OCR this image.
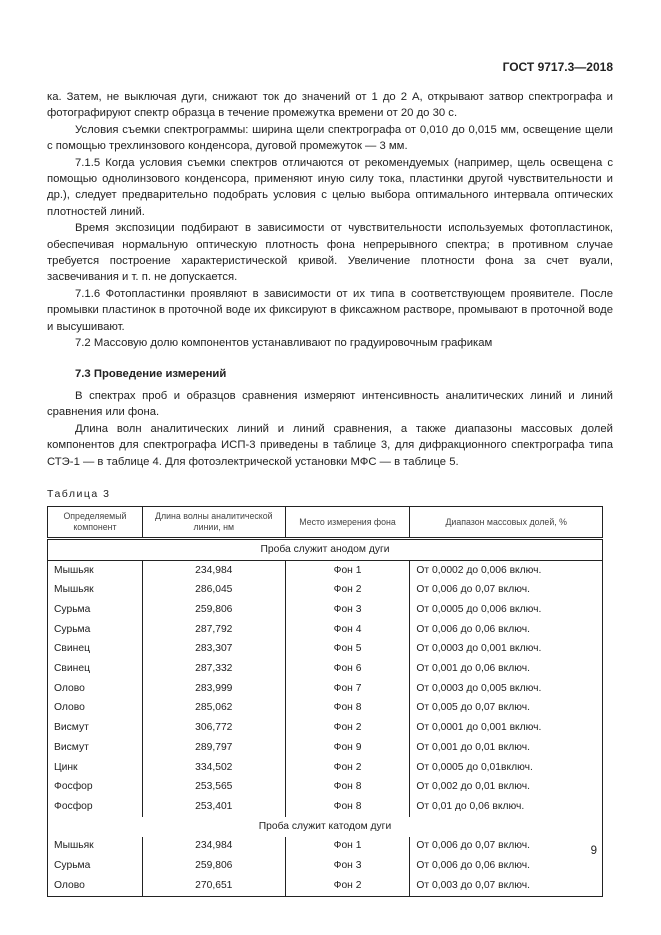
ГОСТ 9717.3—2018

ка. Затем, не выключая дуги, снижают ток до значений от 1 до 2 А, открывают затвор спектрографа и фотографируют спектр образца в течение промежутка времени от 20 до 30 с.

Условия съемки спектрограммы: ширина щели спектрографа от 0,010 до 0,015 мм, освещение щели с помощью трехлинзового конденсора, дуговой промежуток — 3 мм.

7.1.5 Когда условия съемки спектров отличаются от рекомендуемых (например, щель освещена с помощью однолинзового конденсора, применяют иную силу тока, пластинки другой чувствительности и др.), следует предварительно подобрать условия с целью выбора оптимального интервала оптических плотностей линий.

Время экспозиции подбирают в зависимости от чувствительности используемых фотопластинок, обеспечивая нормальную оптическую плотность фона непрерывного спектра; в противном случае требуется построение характеристической кривой. Увеличение плотности фона за счет вуали, засвечивания и т. п. не допускается.

7.1.6 Фотопластинки проявляют в зависимости от их типа в соответствующем проявителе. После промывки пластинок в проточной воде их фиксируют в фиксажном растворе, промывают в проточной воде и высушивают.

7.2 Массовую долю компонентов устанавливают по градуировочным графикам

7.3 Проведение измерений

В спектрах проб и образцов сравнения измеряют интенсивность аналитических линий и линий сравнения или фона.

Длина волн аналитических линий и линий сравнения, а также диапазоны массовых долей компонентов для спектрографа ИСП-3 приведены в таблице 3, для дифракционного спектрографа типа СТЭ-1 — в таблице 4. Для фотоэлектрической установки МФС — в таблице 5.

Таблица 3

Определяемый компонент	Длина волны аналитической линии, нм	Место измерения фона	Диапазон массовых долей, %
Проба служит анодом дуги			
Мышьяк	234,984	Фон 1	От 0,0002 до 0,006 включ.
Мышьяк	286,045	Фон 2	От 0,006 до 0,07 включ.
Сурьма	259,806	Фон 3	От 0,0005 до 0,006 включ.
Сурьма	287,792	Фон 4	От 0,006 до 0,06 включ.
Свинец	283,307	Фон 5	От 0,0003 до 0,001 включ.
Свинец	287,332	Фон 6	От 0,001 до 0,06 включ.
Олово	283,999	Фон 7	От 0,0003 до 0,005 включ.
Олово	285,062	Фон 8	От 0,005 до 0,07 включ.
Висмут	306,772	Фон 2	От 0,0001 до 0,001 включ.
Висмут	289,797	Фон 9	От 0,001 до 0,01 включ.
Цинк	334,502	Фон 2	От 0,0005 до 0,01включ.
Фосфор	253,565	Фон 8	От 0,002 до 0,01 включ.
Фосфор	253,401	Фон 8	От 0,01 до 0,06 включ.
Проба служит катодом дуги			
Мышьяк	234,984	Фон 1	От 0,006 до 0,07 включ.
Сурьма	259,806	Фон 3	От 0,006 до 0,06 включ.
Олово	270,651	Фон 2	От 0,003 до 0,07 включ.
9
